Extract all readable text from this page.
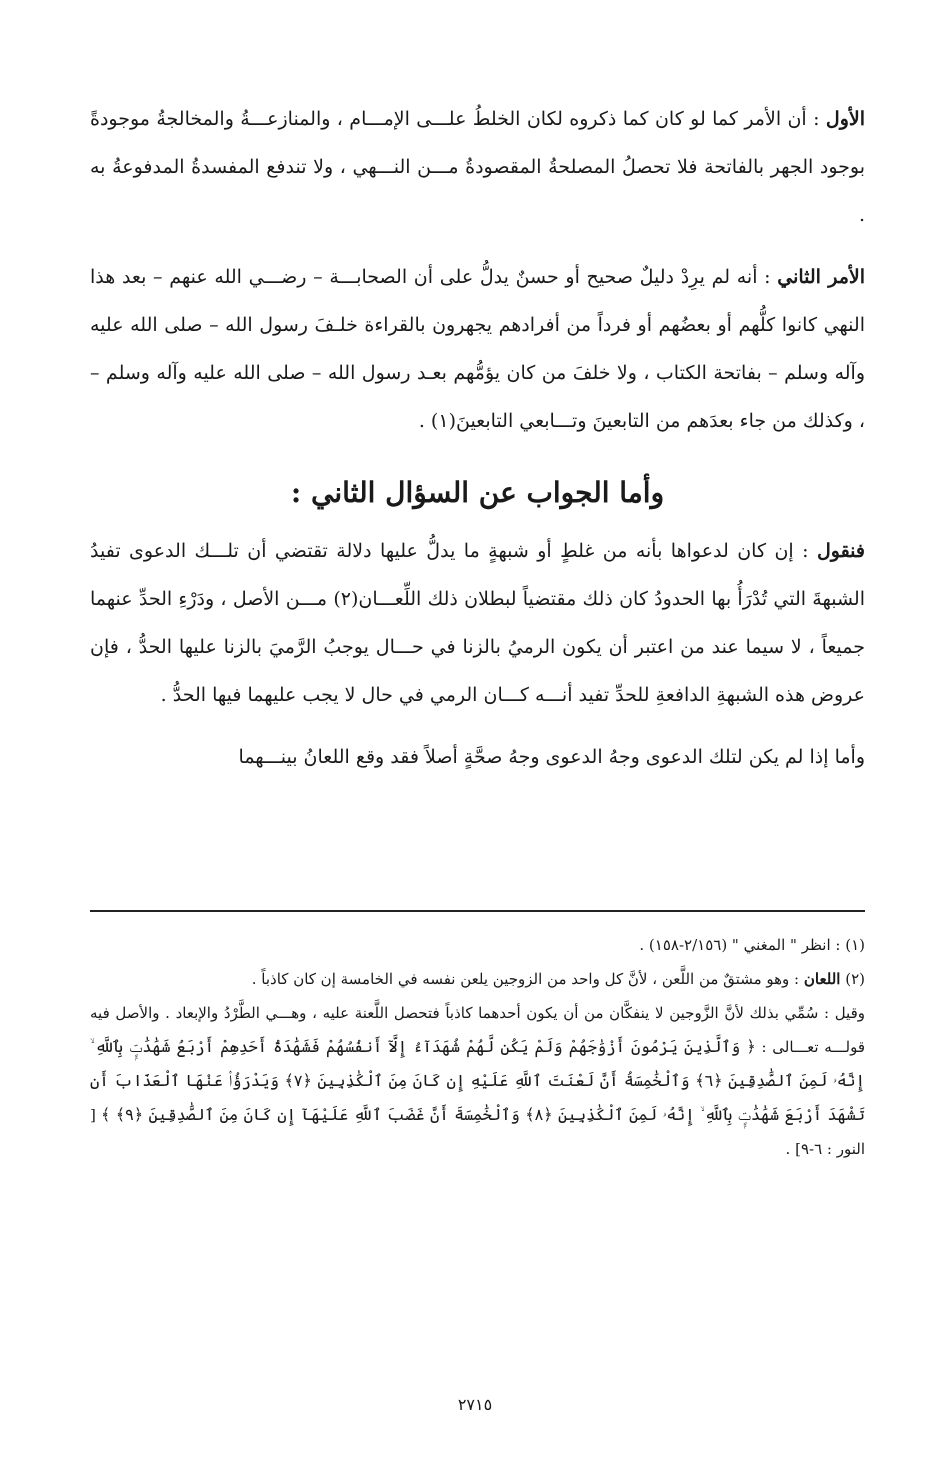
الأول : أن الأمر كما لو كان كما ذكروه لكان الخلطُ علـــى الإمـــام ، والمنازعـــةُ والمخالجةُ موجودةً بوجود الجهر بالفاتحة فلا تحصلُ المصلحةُ المقصودةُ مـــن النـــهي ، ولا تندفع المفسدةُ المدفوعةُ به .

الأمر الثاني : أنه لم يرِدْ دليلٌ صحيح أو حسنٌ يدلُّ على أن الصحابـــة – رضـــي الله عنهم – بعد هذا النهي كانوا كلُّهم أو بعضُهم أو فرداً من أفرادهم يجهرون بالقراءة خلـفَ رسول الله – صلى الله عليه وآله وسلم – بفاتحة الكتاب ، ولا خلفَ من كان يؤمُّهم بعـد رسول الله – صلى الله عليه وآله وسلم – ، وكذلك من جاء بعدَهم من التابعينَ وتـــابعي التابعينَ(١) .

وأما الجواب عن السؤال الثاني :

فنقول : إن كان لدعواها بأنه من غلطٍ أو شبهةٍ ما يدلُّ عليها دلالة تقتضي أن تلـــك الدعوى تفيدُ الشبهةَ التي تُدْرَأُ بها الحدودُ كان ذلك مقتضياً لبطلان ذلك اللِّعـــان(٢) مـــن الأصل ، ودَرْءِ الحدِّ عنهما جميعاً ، لا سيما عند من اعتبر أن يكون الرميُ بالزنا في حـــال يوجبُ الرَّميَ بالزنا عليها الحدُّ ، فإن عروض هذه الشبهةِ الدافعةِ للحدِّ تفيد أنـــه كـــان الرمي في حال لا يجب عليهما فيها الحدُّ .

وأما إذا لم يكن لتلك الدعوى وجهُ الدعوى وجهُ صحَّةٍ أصلاً فقد وقع اللعانُ بينـــهما

(١) : انظر " المغني " (٢/١٥٦-١٥٨) .

(٢) اللعان : وهو مشتقٌ من اللَّعن ، لأنَّ كل واحد من الزوجين يلعن نفسه في الخامسة إن كان كاذباً .

وقيل : سُمِّي بذلك لأنَّ الزَّوجين لا ينفكَّان من أن يكون أحدهما كاذباً فتحصل اللَّعنة عليه ، وهـــي الطَّرْدُ والإبعاد . والأصل فيه قولـــه تعـــالى : ﴿ وَٱلَّذِينَ يَرْمُونَ أَزْوَٰجَهُمْ وَلَمْ يَكُن لَّهُمْ شُهَدَآءُ إِلَّآ أَنفُسُهُمْ فَشَهَٰدَةُ أَحَدِهِمْ أَرْبَعُ شَهَٰدَٰتٍۭ بِٱللَّهِ ۙ إِنَّهُۥ لَمِنَ ٱلصَّٰدِقِينَ ﴿٦﴾ وَٱلْخَٰمِسَةُ أَنَّ لَعْنَتَ ٱللَّهِ عَلَيْهِ إِن كَانَ مِنَ ٱلْكَٰذِبِينَ ﴿٧﴾ وَيَدْرَؤُا۟ عَنْهَا ٱلْعَذَابَ أَن تَشْهَدَ أَرْبَعَ شَهَٰدَٰتٍۭ بِٱللَّهِ ۙ إِنَّهُۥ لَمِنَ ٱلْكَٰذِبِينَ ﴿٨﴾ وَٱلْخَٰمِسَةَ أَنَّ غَضَبَ ٱللَّهِ عَلَيْهَآ إِن كَانَ مِنَ ٱلصَّٰدِقِينَ ﴿٩﴾ ﴾ [ النور : ٦-٩] .

٢٧١٥
